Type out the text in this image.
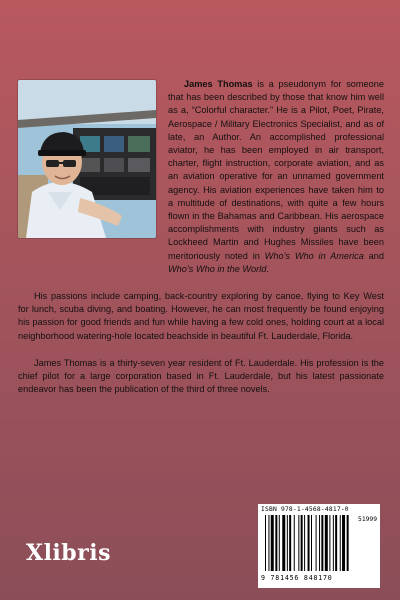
James Thomas is a pseudonym for someone that has been described by those that know him well as a, “Colorful character.” He is a Pilot, Poet, Pirate, Aerospace / Military Electronics Specialist, and as of late, an Author. An accomplished professional aviator, he has been employed in air transport, charter, flight instruction, corporate aviation, and as an aviation operative for an unnamed government agency. His aviation experiences have taken him to a multitude of destinations, with quite a few hours flown in the Bahamas and Caribbean. His aerospace accomplishments with industry giants such as Lockheed Martin and Hughes Missiles have been meritoriously noted in Who’s Who in America and Who’s Who in the World.

His passions include camping, back-country exploring by canoe, flying to Key West for lunch, scuba diving, and boating. However, he can most frequently be found enjoying his passion for good friends and fun while having a few cold ones, holding court at a local neighborhood watering-hole located beachside in beautiful Ft. Lauderdale, Florida.

James Thomas is a thirty-seven year resident of Ft. Lauderdale. His profession is the chief pilot for a large corporation based in Ft. Lauderdale, but his latest passionate endeavor has been the publication of the third of three novels.

Xlibris
ISBN 978-1-4568-4817-0
51999
9 781456 848170
